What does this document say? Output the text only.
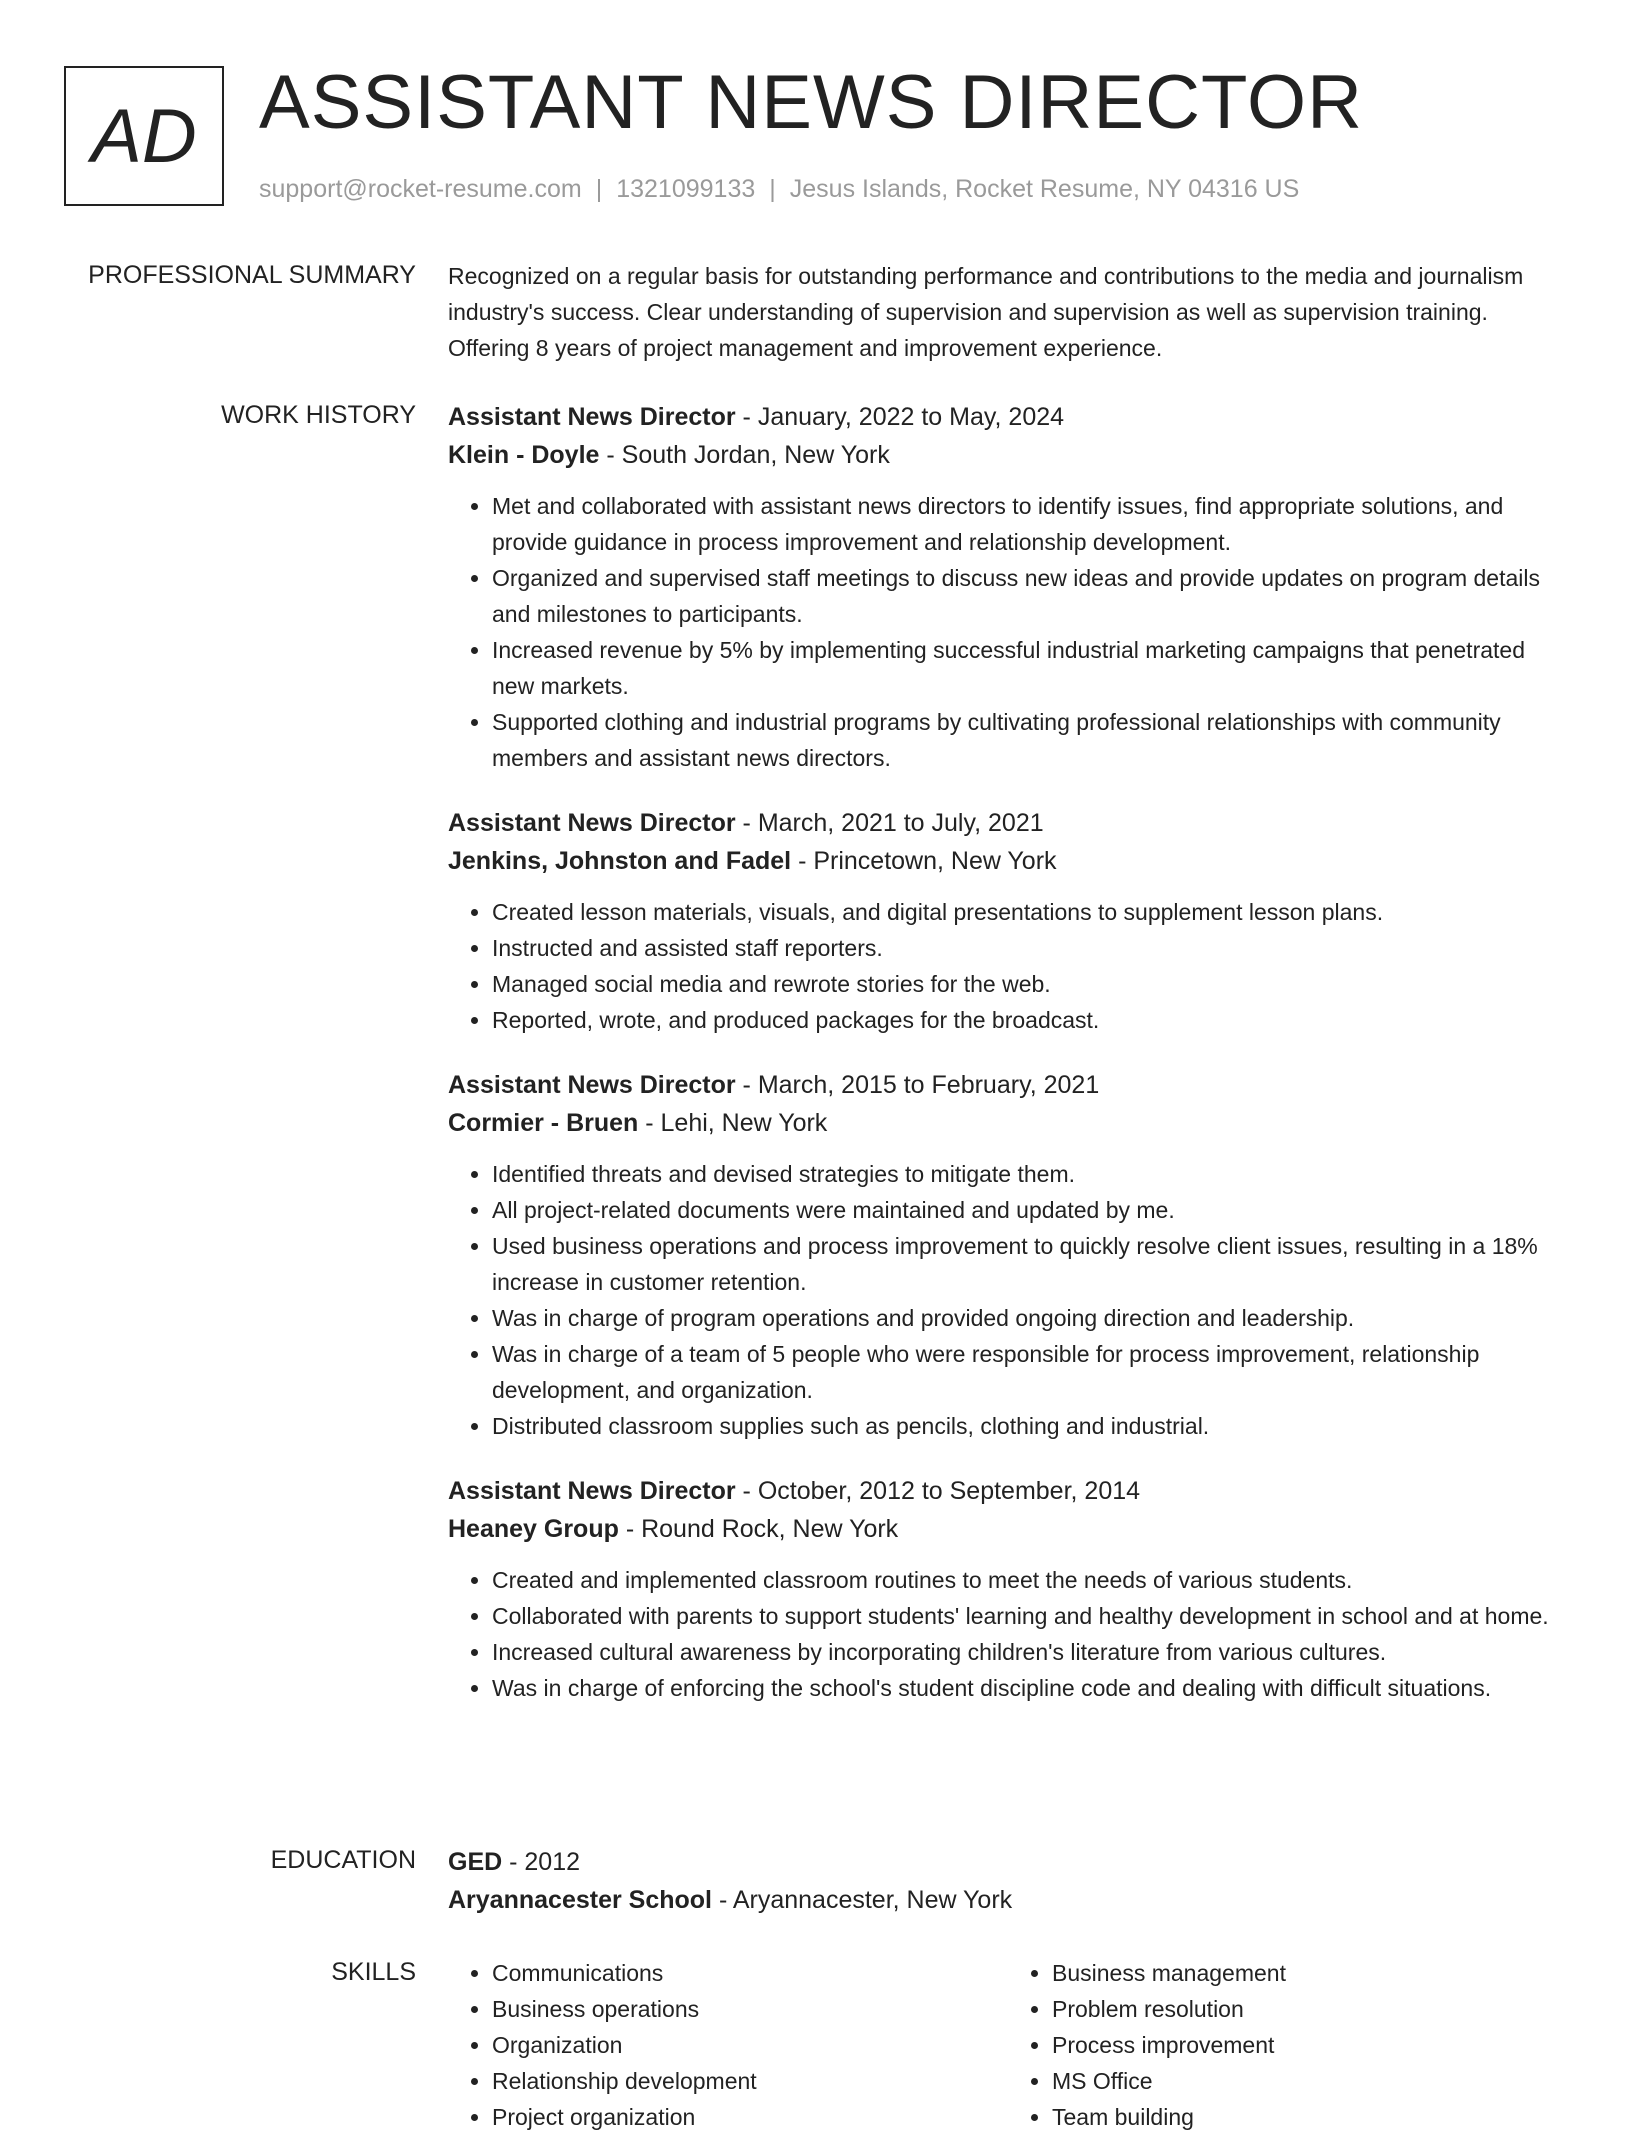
AD ASSISTANT NEWS DIRECTOR
support@rocket-resume.com | 1321099133 | Jesus Islands, Rocket Resume, NY 04316 US
PROFESSIONAL SUMMARY Recognized on a regular basis for outstanding performance and contributions to the media and journalism industry's success. Clear understanding of supervision and supervision as well as supervision training. Offering 8 years of project management and improvement experience.
WORK HISTORY Assistant News Director - January, 2022 to May, 2024
Klein - Doyle - South Jordan, New York
• Met and collaborated with assistant news directors to identify issues, find appropriate solutions, and provide guidance in process improvement and relationship development.
• Organized and supervised staff meetings to discuss new ideas and provide updates on program details and milestones to participants.
• Increased revenue by 5% by implementing successful industrial marketing campaigns that penetrated new markets.
• Supported clothing and industrial programs by cultivating professional relationships with community members and assistant news directors.
Assistant News Director - March, 2021 to July, 2021
Jenkins, Johnston and Fadel - Princetown, New York
• Created lesson materials, visuals, and digital presentations to supplement lesson plans.
• Instructed and assisted staff reporters.
• Managed social media and rewrote stories for the web.
• Reported, wrote, and produced packages for the broadcast.
Assistant News Director - March, 2015 to February, 2021
Cormier - Bruen - Lehi, New York
• Identified threats and devised strategies to mitigate them.
• All project-related documents were maintained and updated by me.
• Used business operations and process improvement to quickly resolve client issues, resulting in a 18% increase in customer retention.
• Was in charge of program operations and provided ongoing direction and leadership.
• Was in charge of a team of 5 people who were responsible for process improvement, relationship development, and organization.
• Distributed classroom supplies such as pencils, clothing and industrial.
Assistant News Director - October, 2012 to September, 2014
Heaney Group - Round Rock, New York
• Created and implemented classroom routines to meet the needs of various students.
• Collaborated with parents to support students' learning and healthy development in school and at home.
• Increased cultural awareness by incorporating children's literature from various cultures.
• Was in charge of enforcing the school's student discipline code and dealing with difficult situations.
EDUCATION GED - 2012
Aryannacester School - Aryannacester, New York
SKILLS
•	Communications
• Business operations
• Organization
• Relationship development
• Project organization
• Business management
• Problem resolution
• Process improvement
• MS Office
• Team building
